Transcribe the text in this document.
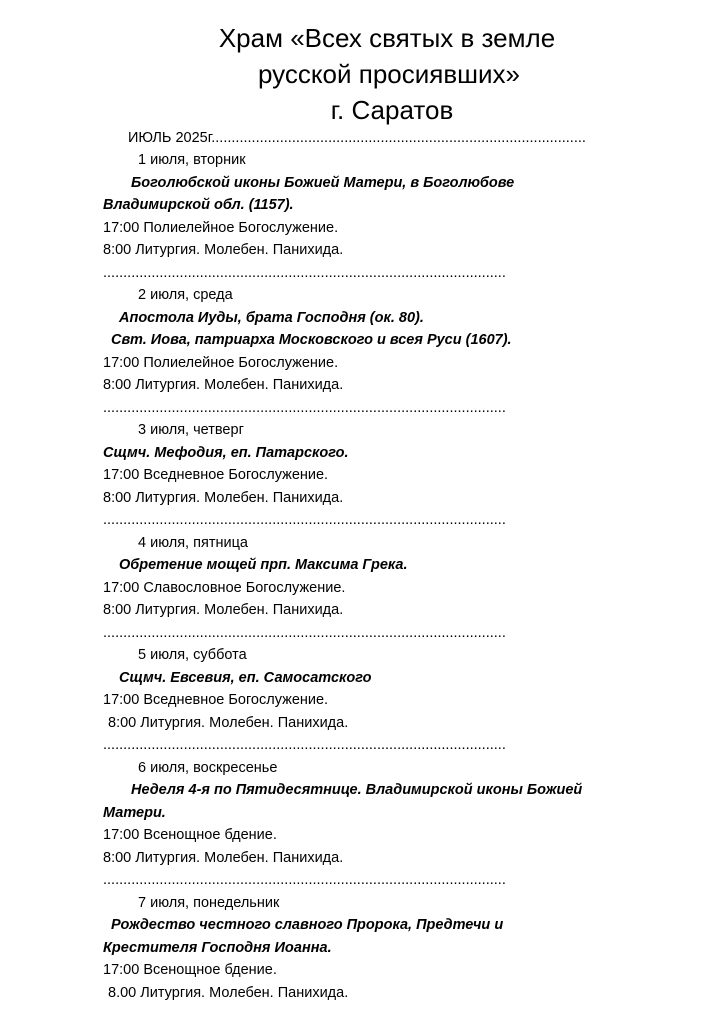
Храм «Всех святых в земле
русской просиявших»
г. Саратов
ИЮЛЬ 2025г.............................................................................................
1 июля, вторник
Боголюбской иконы Божией Матери, в Боголюбове
Владимирской обл. (1157).
17:00 Полиелейное Богослужение.
8:00 Литургия. Молебен. Панихида.
....................................................................................................
2 июля, среда
Апостола Иуды, брата Господня (ок. 80).
Свт. Иова, патриарха Московского и всея Руси (1607).
17:00 Полиелейное Богослужение.
8:00 Литургия. Молебен. Панихида.
....................................................................................................
3 июля, четверг
Сщмч. Мефодия, еп. Патарского.
17:00 Вседневное Богослужение.
8:00 Литургия. Молебен. Панихида.
....................................................................................................
4 июля, пятница
Обретение мощей прп. Максима Грека.
17:00 Славословное Богослужение.
8:00 Литургия. Молебен. Панихида.
....................................................................................................
5 июля, суббота
Сщмч. Евсевия, еп. Самосатского
17:00 Вседневное Богослужение.
8:00 Литургия. Молебен. Панихида.
....................................................................................................
6 июля, воскресенье
Неделя 4-я по Пятидесятнице. Владимирской иконы Божией
Матери.
17:00 Всенощное бдение.
8:00 Литургия. Молебен. Панихида.
....................................................................................................
7 июля, понедельник
Рождество честного славного Пророка, Предтечи и
Крестителя Господня Иоанна.
17:00 Всенощное бдение.
8.00 Литургия. Молебен. Панихида.
